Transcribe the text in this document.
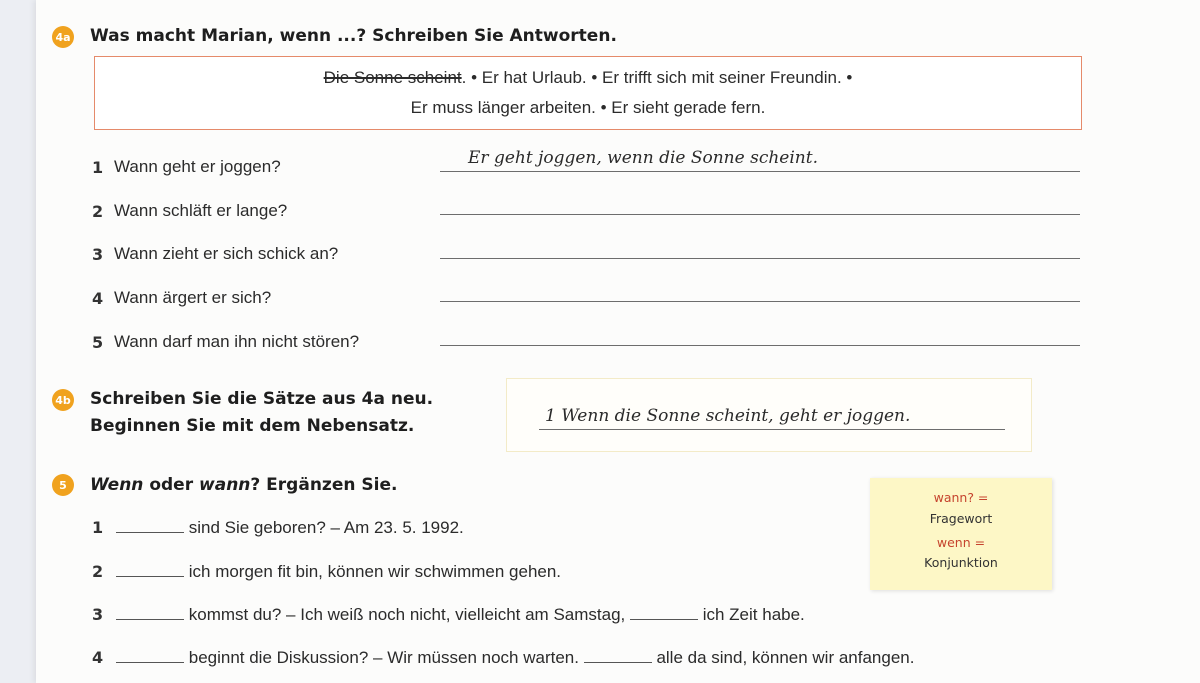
4a Was macht Marian, wenn ...? Schreiben Sie Antworten.
Die Sonne scheint. • Er hat Urlaub. • Er trifft sich mit seiner Freundin. •
Er muss länger arbeiten. • Er sieht gerade fern.
1 Wann geht er joggen?	Er geht joggen, wenn die Sonne scheint.
2 Wann schläft er lange?
3 Wann zieht er sich schick an?
4 Wann ärgert er sich?
5 Wann darf man ihn nicht stören?
4b Schreiben Sie die Sätze aus 4a neu.
Beginnen Sie mit dem Nebensatz.	1 Wenn die Sonne scheint, geht er joggen.
5	Wenn oder wann? Ergänzen Sie.
wann? =
Fragewort
wenn =
Konjunktion
1	sind Sie geboren? – Am 23. 5. 1992.
2	ich morgen fit bin, können wir schwimmen gehen.
3	kommst du? – Ich weiß noch nicht, vielleicht am Samstag,	ich Zeit habe.
4	beginnt die Diskussion? – Wir müssen noch warten.	alle da sind, können wir anfangen.
